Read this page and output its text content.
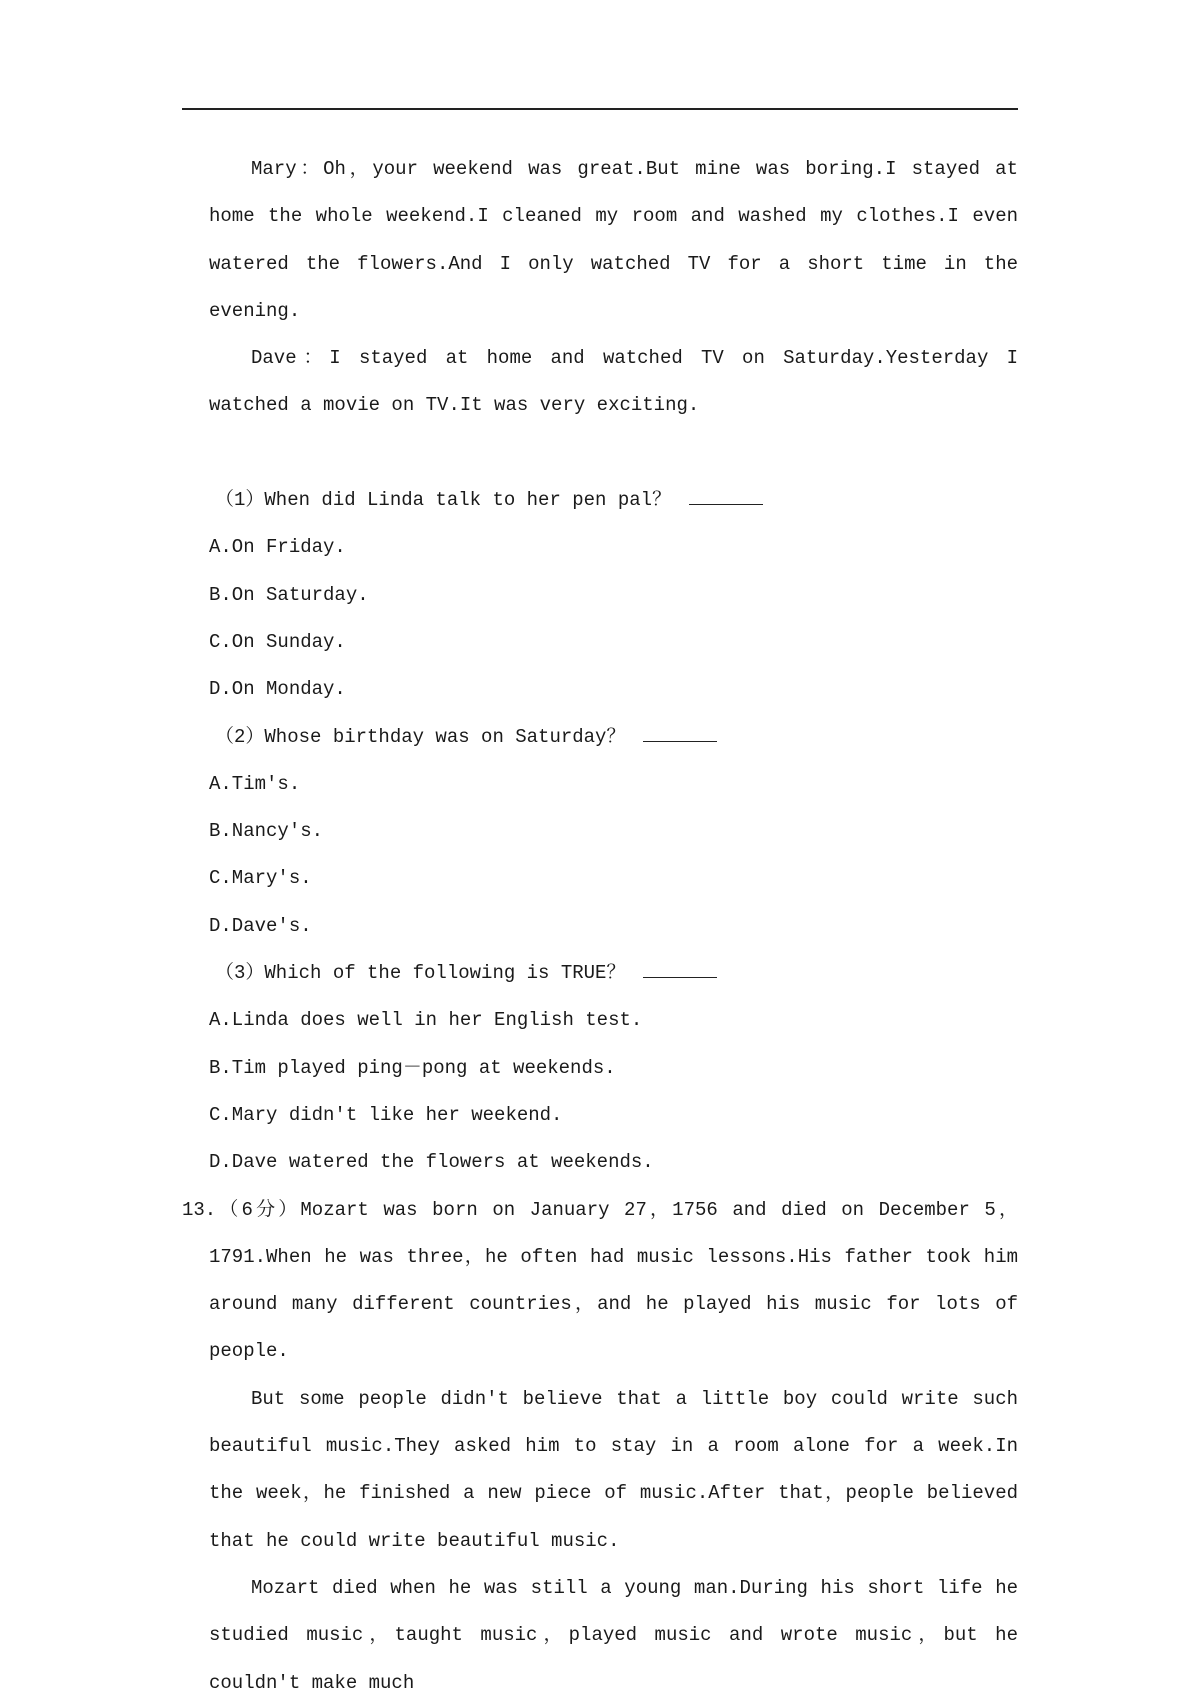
Mary：Oh，your weekend was great.But mine was boring.I stayed at home the whole weekend.I cleaned my room and washed my clothes.I even watered the flowers.And I only watched TV for a short time in the evening.

Dave：I stayed at home and watched TV on Saturday.Yesterday I watched a movie on TV.It was very exciting.

（1）When did Linda talk to her pen pal？

A.On Friday.

B.On Saturday.

C.On Sunday.

D.On Monday.

（2）Whose birthday was on Saturday？

A.Tim's.

B.Nancy's.

C.Mary's.

D.Dave's.

（3）Which of the following is TRUE？

A.Linda does well in her English test.

B.Tim played ping－pong at weekends.

C.Mary didn't like her weekend.

D.Dave watered the flowers at weekends.

13.（6分）Mozart was born on January 27，1756 and died on December 5，1791.When he was three，he often had music lessons.His father took him around many different countries，and he played his music for lots of people.

But some people didn't believe that a little boy could write such beautiful music.They asked him to stay in a room alone for a week.In the week，he finished a new piece of music.After that，people believed that he could write beautiful music.

Mozart died when he was still a young man.During his short life he studied music，taught music，played music and wrote music，but he couldn't make much
